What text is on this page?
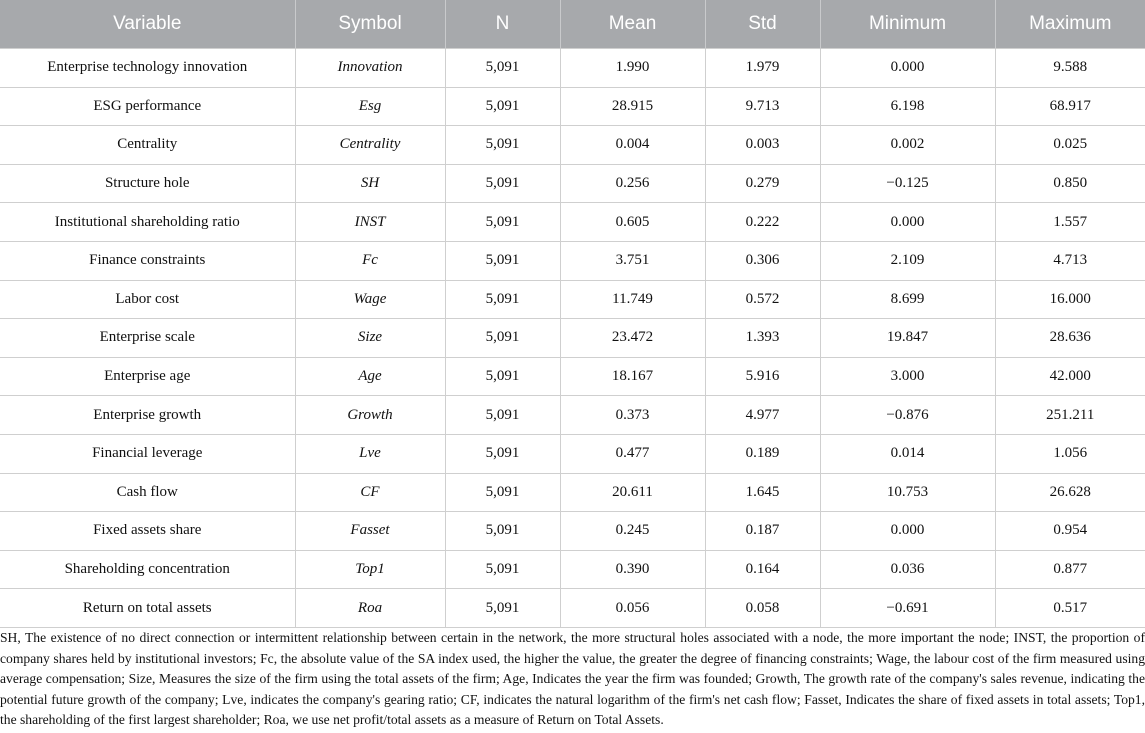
Variable	Symbol	N	Mean	Std	Minimum	Maximum
Enterprise technology innovation	Innovation	5,091	1.990	1.979	0.000	9.588
ESG performance	Esg	5,091	28.915	9.713	6.198	68.917
Centrality	Centrality	5,091	0.004	0.003	0.002	0.025
Structure hole	SH	5,091	0.256	0.279	−0.125	0.850
Institutional shareholding ratio	INST	5,091	0.605	0.222	0.000	1.557
Finance constraints	Fc	5,091	3.751	0.306	2.109	4.713
Labor cost	Wage	5,091	11.749	0.572	8.699	16.000
Enterprise scale	Size	5,091	23.472	1.393	19.847	28.636
Enterprise age	Age	5,091	18.167	5.916	3.000	42.000
Enterprise growth	Growth	5,091	0.373	4.977	−0.876	251.211
Financial leverage	Lve	5,091	0.477	0.189	0.014	1.056
Cash flow	CF	5,091	20.611	1.645	10.753	26.628
Fixed assets share	Fasset	5,091	0.245	0.187	0.000	0.954
Shareholding concentration	Top1	5,091	0.390	0.164	0.036	0.877
Return on total assets	Roa	5,091	0.056	0.058	−0.691	0.517

SH, The existence of no direct connection or intermittent relationship between certain in the network, the more structural holes associated with a node, the more important the node; INST, the proportion of company shares held by institutional investors; Fc, the absolute value of the SA index used, the higher the value, the greater the degree of financing constraints; Wage, the labour cost of the firm measured using average compensation; Size, Measures the size of the firm using the total assets of the firm; Age, Indicates the year the firm was founded; Growth, The growth rate of the company's sales revenue, indicating the potential future growth of the company; Lve, indicates the company's gearing ratio; CF, indicates the natural logarithm of the firm's net cash flow; Fasset, Indicates the share of fixed assets in total assets; Top1, the shareholding of the first largest shareholder; Roa, we use net profit/total assets as a measure of Return on Total Assets.
